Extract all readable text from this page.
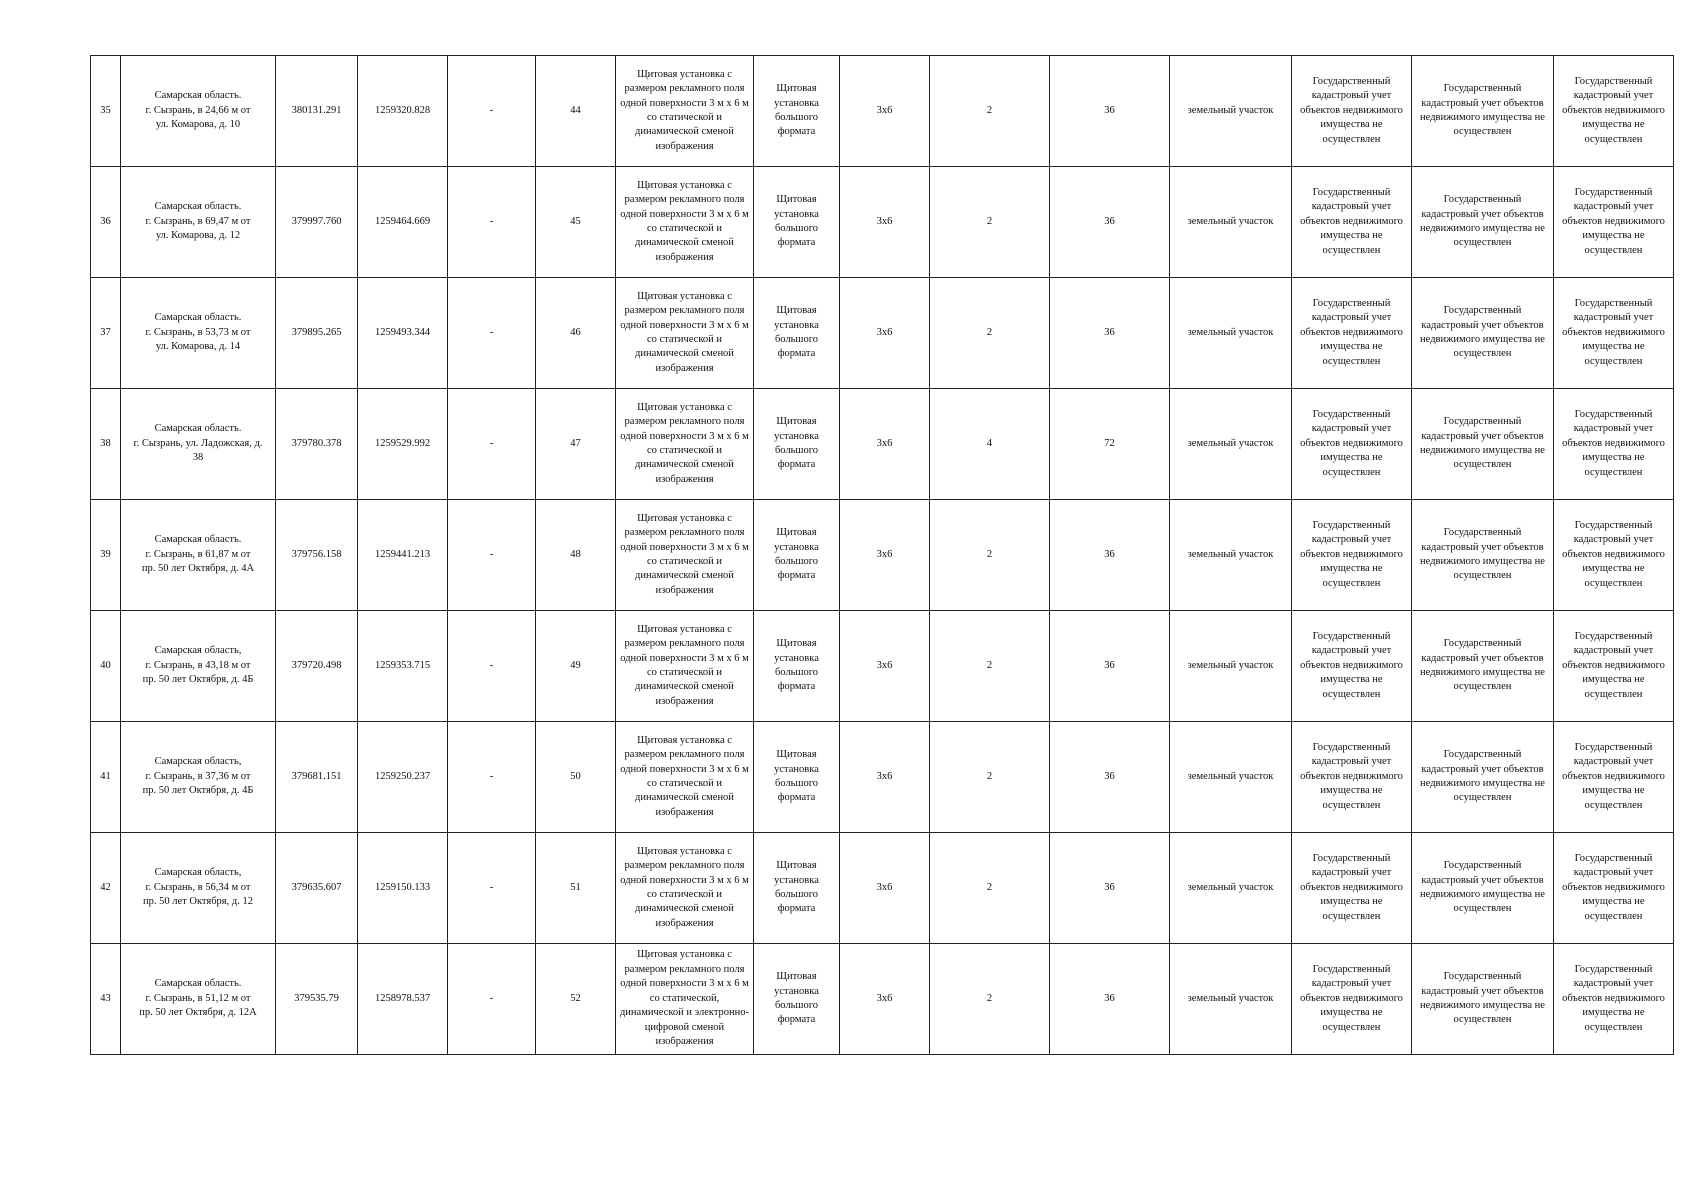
35	Самарская область.
г. Сызрань, в 24,66 м от
ул. Комарова, д. 10	380131.291	1259320.828	-	44	Щитовая установка с размером рекламного поля одной поверхности 3 м х 6 м со статической и динамической сменой изображения	Щитовая установка большого формата	3х6	2	36	земельный участок	Государственный кадастровый учет объектов недвижимого имущества не осуществлен	Государственный кадастровый учет объектов недвижимого имущества не осуществлен	Государственный кадастровый учет объектов недвижимого имущества не осуществлен
36	Самарская область.
г. Сызрань, в 69,47 м от
ул. Комарова, д. 12	379997.760	1259464.669	-	45	Щитовая установка с размером рекламного поля одной поверхности 3 м х 6 м со статической и динамической сменой изображения	Щитовая установка большого формата	3х6	2	36	земельный участок	Государственный кадастровый учет объектов недвижимого имущества не осуществлен	Государственный кадастровый учет объектов недвижимого имущества не осуществлен	Государственный кадастровый учет объектов недвижимого имущества не осуществлен
37	Самарская область.
г. Сызрань, в 53,73 м от
ул. Комарова, д. 14	379895.265	1259493.344	-	46	Щитовая установка с размером рекламного поля одной поверхности 3 м х 6 м со статической и динамической сменой изображения	Щитовая установка большого формата	3х6	2	36	земельный участок	Государственный кадастровый учет объектов недвижимого имущества не осуществлен	Государственный кадастровый учет объектов недвижимого имущества не осуществлен	Государственный кадастровый учет объектов недвижимого имущества не осуществлен
38	Самарская область.
г. Сызрань, ул. Ладожская, д.
38	379780.378	1259529.992	-	47	Щитовая установка с размером рекламного поля одной поверхности 3 м х 6 м со статической и динамической сменой изображения	Щитовая установка большого формата	3х6	4	72	земельный участок	Государственный кадастровый учет объектов недвижимого имущества не осуществлен	Государственный кадастровый учет объектов недвижимого имущества не осуществлен	Государственный кадастровый учет объектов недвижимого имущества не осуществлен
39	Самарская область.
г. Сызрань, в 61,87 м от
пр. 50 лет Октября, д. 4А	379756.158	1259441.213	-	48	Щитовая установка с размером рекламного поля одной поверхности 3 м х 6 м со статической и динамической сменой изображения	Щитовая установка большого формата	3х6	2	36	земельный участок	Государственный кадастровый учет объектов недвижимого имущества не осуществлен	Государственный кадастровый учет объектов недвижимого имущества не осуществлен	Государственный кадастровый учет объектов недвижимого имущества не осуществлен
40	Самарская область,
г. Сызрань, в 43,18 м от
пр. 50 лет Октября, д. 4Б	379720.498	1259353.715	-	49	Щитовая установка с размером рекламного поля одной поверхности 3 м х 6 м со статической и динамической сменой изображения	Щитовая установка большого формата	3х6	2	36	земельный участок	Государственный кадастровый учет объектов недвижимого имущества не осуществлен	Государственный кадастровый учет объектов недвижимого имущества не осуществлен	Государственный кадастровый учет объектов недвижимого имущества не осуществлен
41	Самарская область,
г. Сызрань, в 37,36 м от
пр. 50 лет Октября, д. 4Б	379681.151	1259250.237	-	50	Щитовая установка с размером рекламного поля одной поверхности 3 м х 6 м со статической и динамической сменой изображения	Щитовая установка большого формата	3х6	2	36	земельный участок	Государственный кадастровый учет объектов недвижимого имущества не осуществлен	Государственный кадастровый учет объектов недвижимого имущества не осуществлен	Государственный кадастровый учет объектов недвижимого имущества не осуществлен
42	Самарская область,
г. Сызрань, в 56,34 м от
пр. 50 лет Октября, д. 12	379635.607	1259150.133	-	51	Щитовая установка с размером рекламного поля одной поверхности 3 м х 6 м со статической и динамической сменой изображения	Щитовая установка большого формата	3х6	2	36	земельный участок	Государственный кадастровый учет объектов недвижимого имущества не осуществлен	Государственный кадастровый учет объектов недвижимого имущества не осуществлен	Государственный кадастровый учет объектов недвижимого имущества не осуществлен
43	Самарская область.
г. Сызрань, в 51,12 м от
пр. 50 лет Октября, д. 12А	379535.79	1258978.537	-	52	Щитовая установка с размером рекламного поля одной поверхности 3 м х 6 м со статической, динамической и электронно-цифровой сменой изображения	Щитовая установка большого формата	3х6	2	36	земельный участок	Государственный кадастровый учет объектов недвижимого имущества не осуществлен	Государственный кадастровый учет объектов недвижимого имущества не осуществлен	Государственный кадастровый учет объектов недвижимого имущества не осуществлен
